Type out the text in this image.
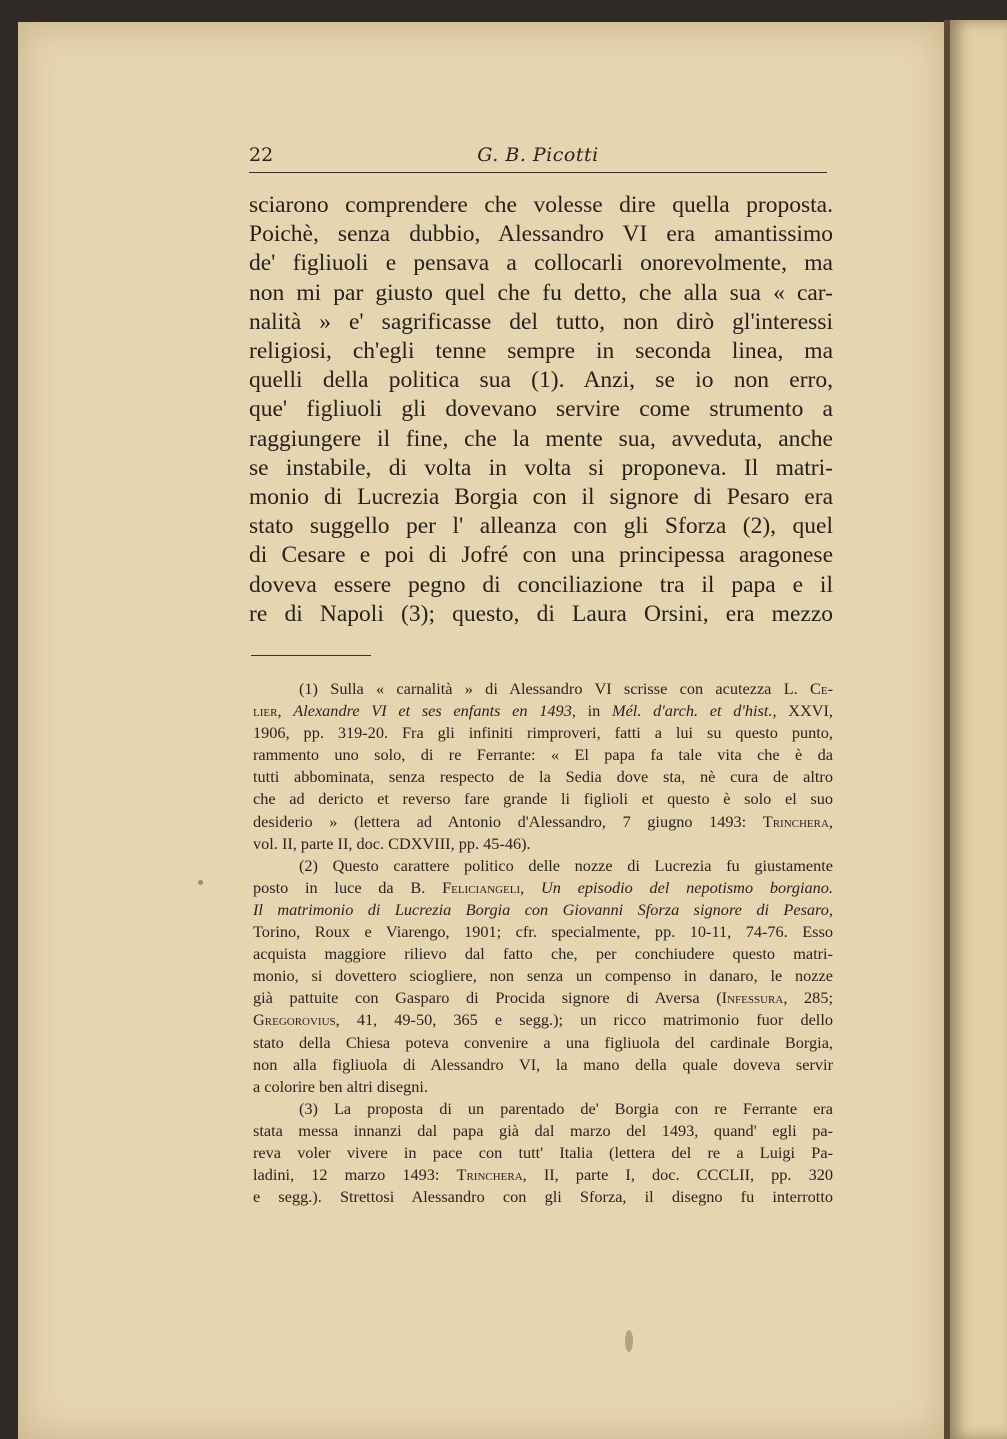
22	G. B. Picotti
sciarono comprendere che volesse dire quella proposta.
Poichè, senza dubbio, Alessandro VI era amantissimo
de' figliuoli e pensava a collocarli onorevolmente, ma
non mi par giusto quel che fu detto, che alla sua « car-
nalità » e' sagrificasse del tutto, non dirò gl'interessi
religiosi, ch'egli tenne sempre in seconda linea, ma
quelli della politica sua (1). Anzi, se io non erro,
que' figliuoli gli dovevano servire come strumento a
raggiungere il fine, che la mente sua, avveduta, anche
se instabile, di volta in volta si proponeva. Il matri-
monio di Lucrezia Borgia con il signore di Pesaro era
stato suggello per l' alleanza con gli Sforza (2), quel
di Cesare e poi di Jofré con una principessa aragonese
doveva essere pegno di conciliazione tra il papa e il
re di Napoli (3); questo, di Laura Orsini, era mezzo
(1) Sulla « carnalità » di Alessandro VI scrisse con acutezza L. Ce-
lier, Alexandre VI et ses enfants en 1493, in Mél. d'arch. et d'hist., XXVI,
1906, pp. 319-20. Fra gli infiniti rimproveri, fatti a lui su questo punto,
rammento uno solo, di re Ferrante: « El papa fa tale vita che è da
tutti abbominata, senza respecto de la Sedia dove sta, nè cura de altro
che ad dericto et reverso fare grande li figlioli et questo è solo el suo
desiderio » (lettera ad Antonio d'Alessandro, 7 giugno 1493: Trinchera,
vol. II, parte II, doc. CDXVIII, pp. 45-46).
(2) Questo carattere politico delle nozze di Lucrezia fu giustamente
posto in luce da B. Feliciangeli, Un episodio del nepotismo borgiano.
Il matrimonio di Lucrezia Borgia con Giovanni Sforza signore di Pesaro,
Torino, Roux e Viarengo, 1901; cfr. specialmente, pp. 10-11, 74-76. Esso
acquista maggiore rilievo dal fatto che, per conchiudere questo matri-
monio, si dovettero sciogliere, non senza un compenso in danaro, le nozze
già pattuite con Gasparo di Procida signore di Aversa (Infessura, 285;
Gregorovius, 41, 49-50, 365 e segg.); un ricco matrimonio fuor dello
stato della Chiesa poteva convenire a una figliuola del cardinale Borgia,
non alla figliuola di Alessandro VI, la mano della quale doveva servir
a colorire ben altri disegni.
(3) La proposta di un parentado de' Borgia con re Ferrante era
stata messa innanzi dal papa già dal marzo del 1493, quand' egli pa-
reva voler vivere in pace con tutt' Italia (lettera del re a Luigi Pa-
ladini, 12 marzo 1493: Trinchera, II, parte I, doc. CCCLII, pp. 320
e segg.). Strettosi Alessandro con gli Sforza, il disegno fu interrotto
